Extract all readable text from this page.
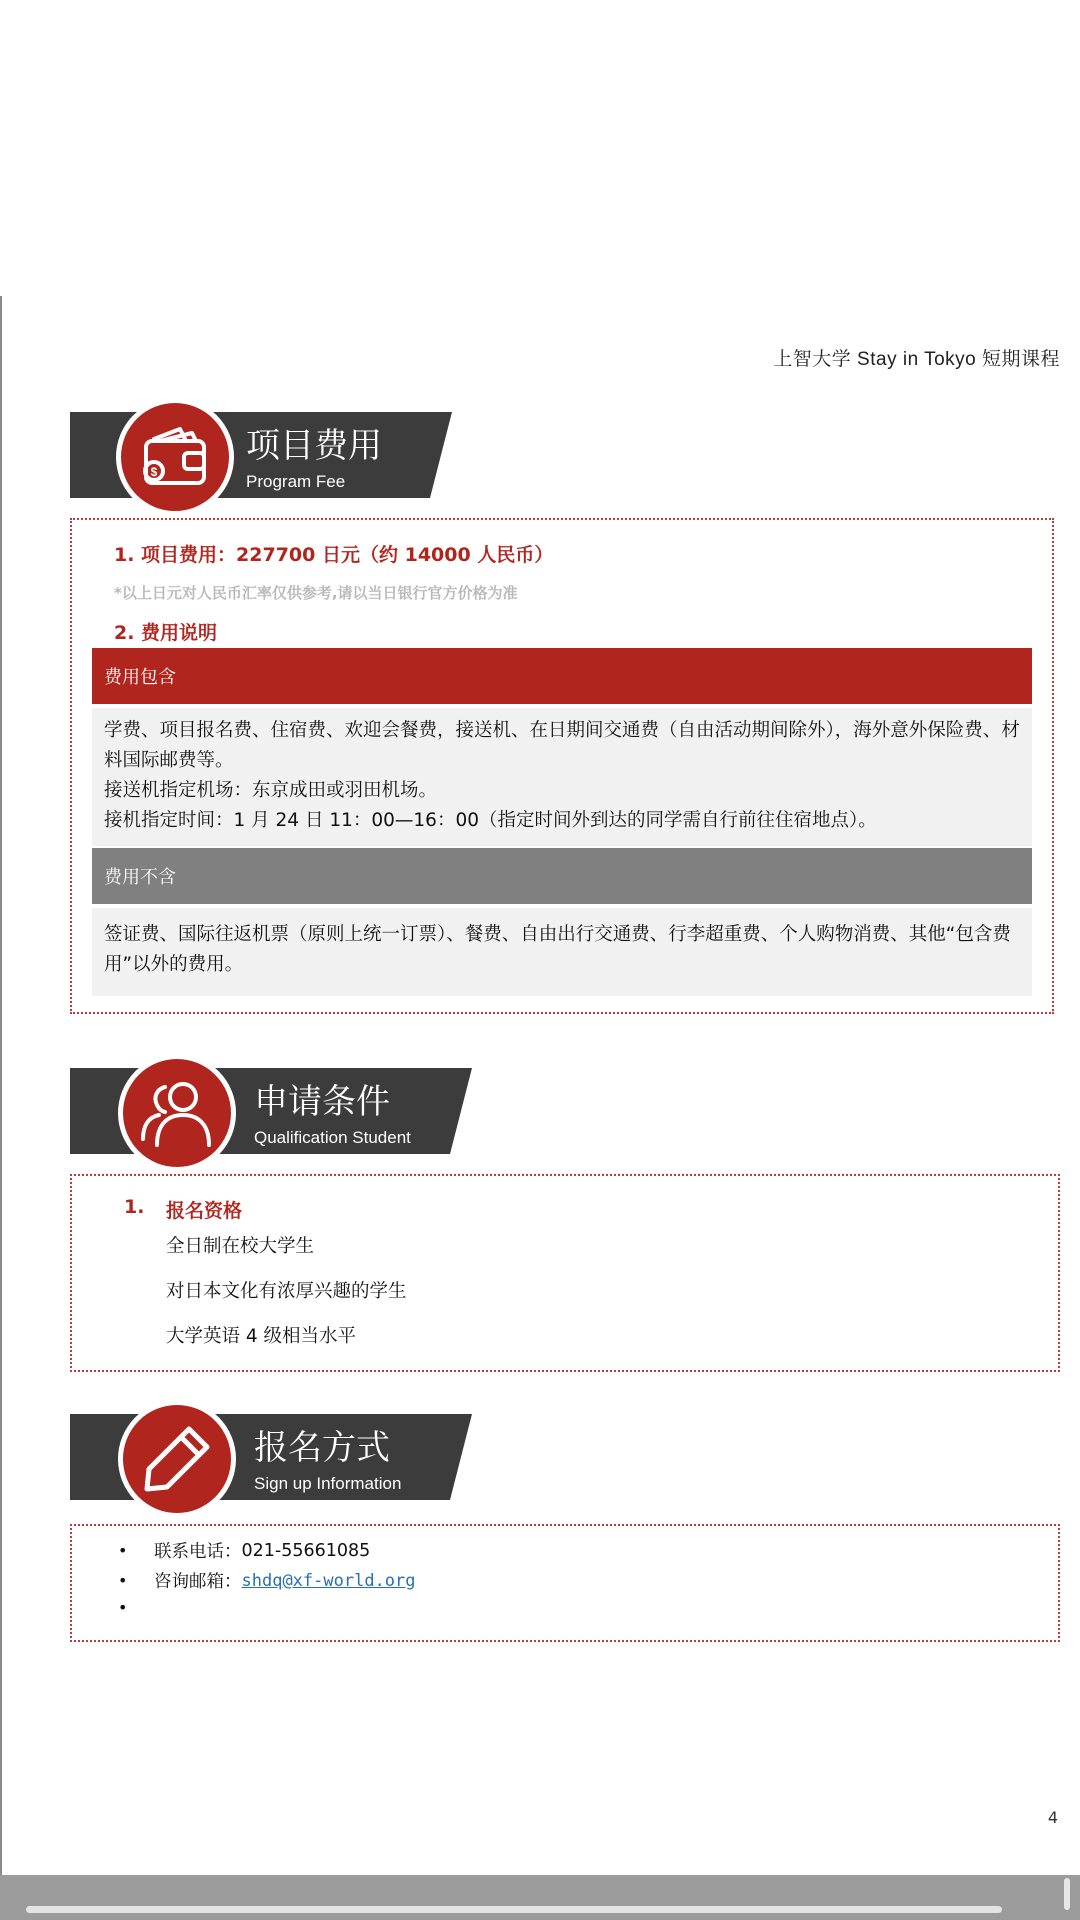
上智大学 Stay in Tokyo 短期课程
$
项目费用
Program Fee
1. 项目费用：227700 日元（约 14000 人民币）
*以上日元对人民币汇率仅供参考,请以当日银行官方价格为准
2. 费用说明
费用包含
学费、项目报名费、住宿费、欢迎会餐费，接送机、在日期间交通费（自由活动期间除外），海外意外保险费、材料国际邮费等。
接送机指定机场：东京成田或羽田机场。
接机指定时间：1 月 24 日 11：00—16：00（指定时间外到达的同学需自行前往住宿地点）。
费用不含
签证费、国际往返机票（原则上统一订票）、餐费、自由出行交通费、行李超重费、个人购物消费、其他“包含费用”以外的费用。
申请条件
Qualification Student
1. 报名资格
全日制在校大学生
对日本文化有浓厚兴趣的学生
大学英语 4 级相当水平
报名方式
Sign up Information
•	联系电话： 021-55661085
•	咨询邮箱： shdq@xf-world.org
•
4
